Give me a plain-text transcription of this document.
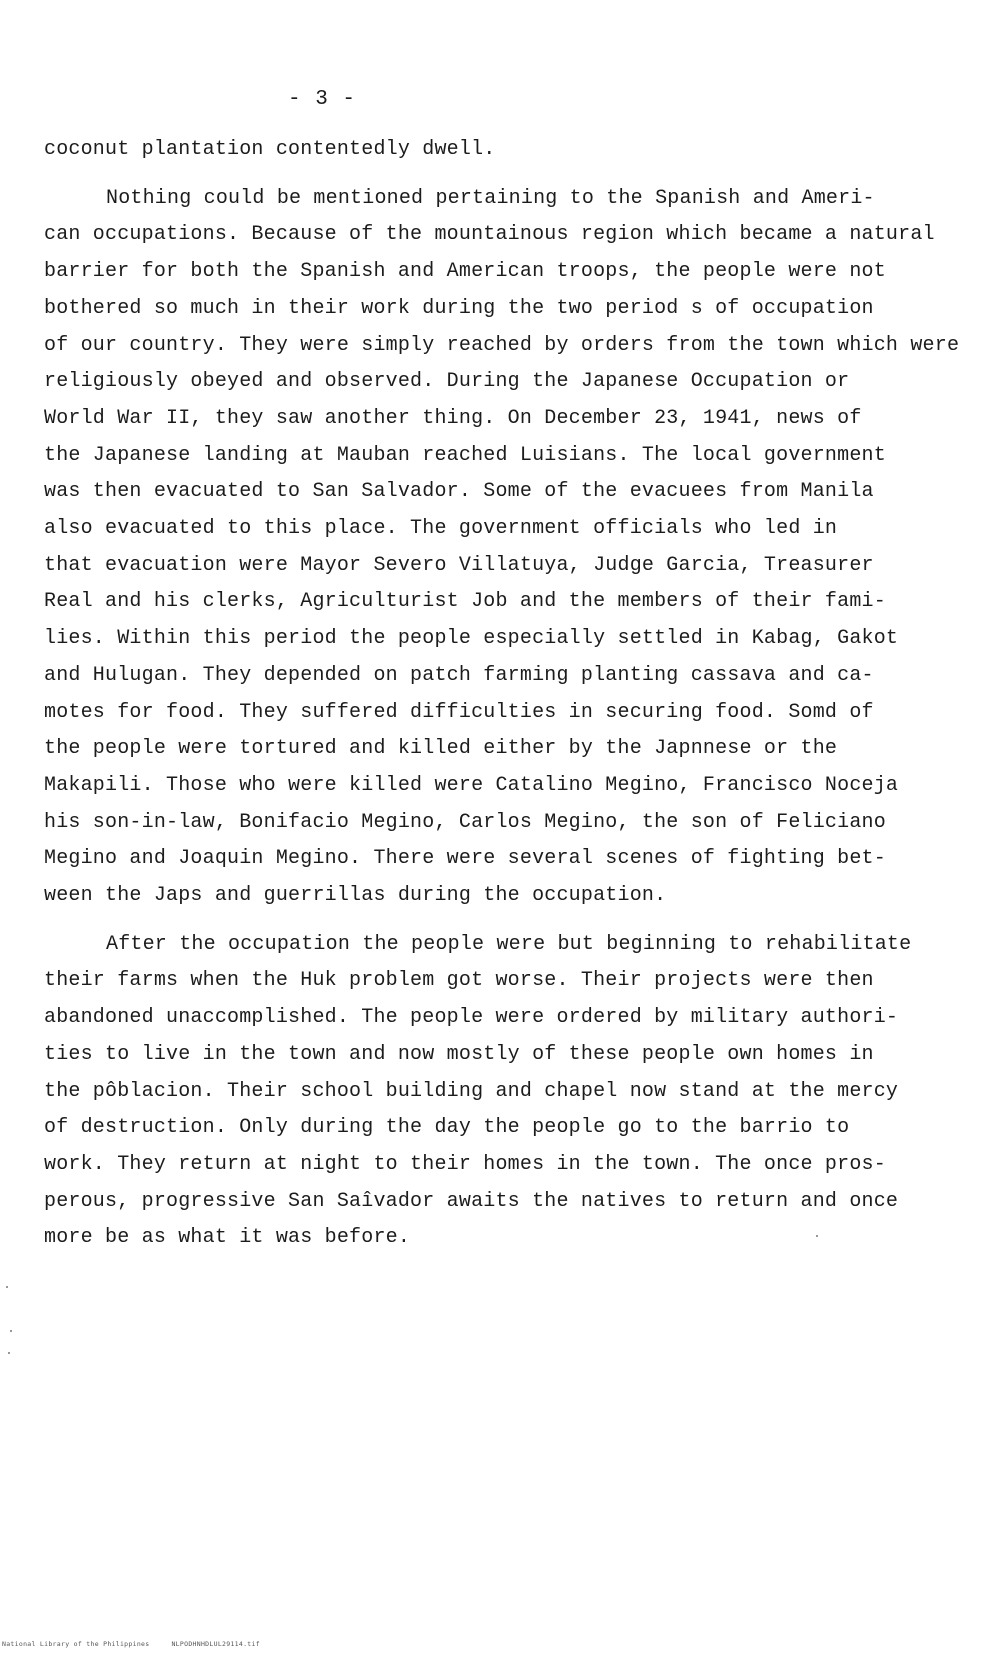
- 3 -
coconut plantation contentedly dwell.
Nothing could be mentioned pertaining to the Spanish and Ameri-
can occupations. Because of the mountainous region which became a natural
barrier for both the Spanish and American troops, the people were not
bothered so much in their work during the two period s of occupation
of our country. They were simply reached by orders from the town which were
religiously obeyed and observed. During the Japanese Occupation or
World War II, they saw another thing. On December 23, 1941, news of
the Japanese landing at Mauban reached Luisians. The local government
was then evacuated to San Salvador. Some of the evacuees from Manila
also evacuated to this place. The government officials who led in
that evacuation were Mayor Severo Villatuya, Judge Garcia, Treasurer
Real and his clerks, Agriculturist Job and the members of their fami-
lies. Within this period the people especially settled in Kabag, Gakot
and Hulugan. They depended on patch farming planting cassava and ca-
motes for food. They suffered difficulties in securing food. Somd of
the people were tortured and killed either by the Japnnese or the
Makapili. Those who were killed were Catalino Megino, Francisco Noceja
his son-in-law, Bonifacio Megino, Carlos Megino, the son of Feliciano
Megino and Joaquin Megino. There were several scenes of fighting bet-
ween the Japs and guerrillas during the occupation.
After the occupation the people were but beginning to rehabilitate
their farms when the Huk problem got worse. Their projects were then
abandoned unaccomplished. The people were ordered by military authori-
ties to live in the town and now mostly of these people own homes in
the pôblacion. Their school building and chapel now stand at the mercy
of destruction. Only during the day the people go to the barrio to
work. They return at night to their homes in the town. The once pros-
perous, progressive San Saîvador awaits the natives to return and once
more be as what it was before.
National Library of the Philippines	NLPODHNHDLUL29114.tif
